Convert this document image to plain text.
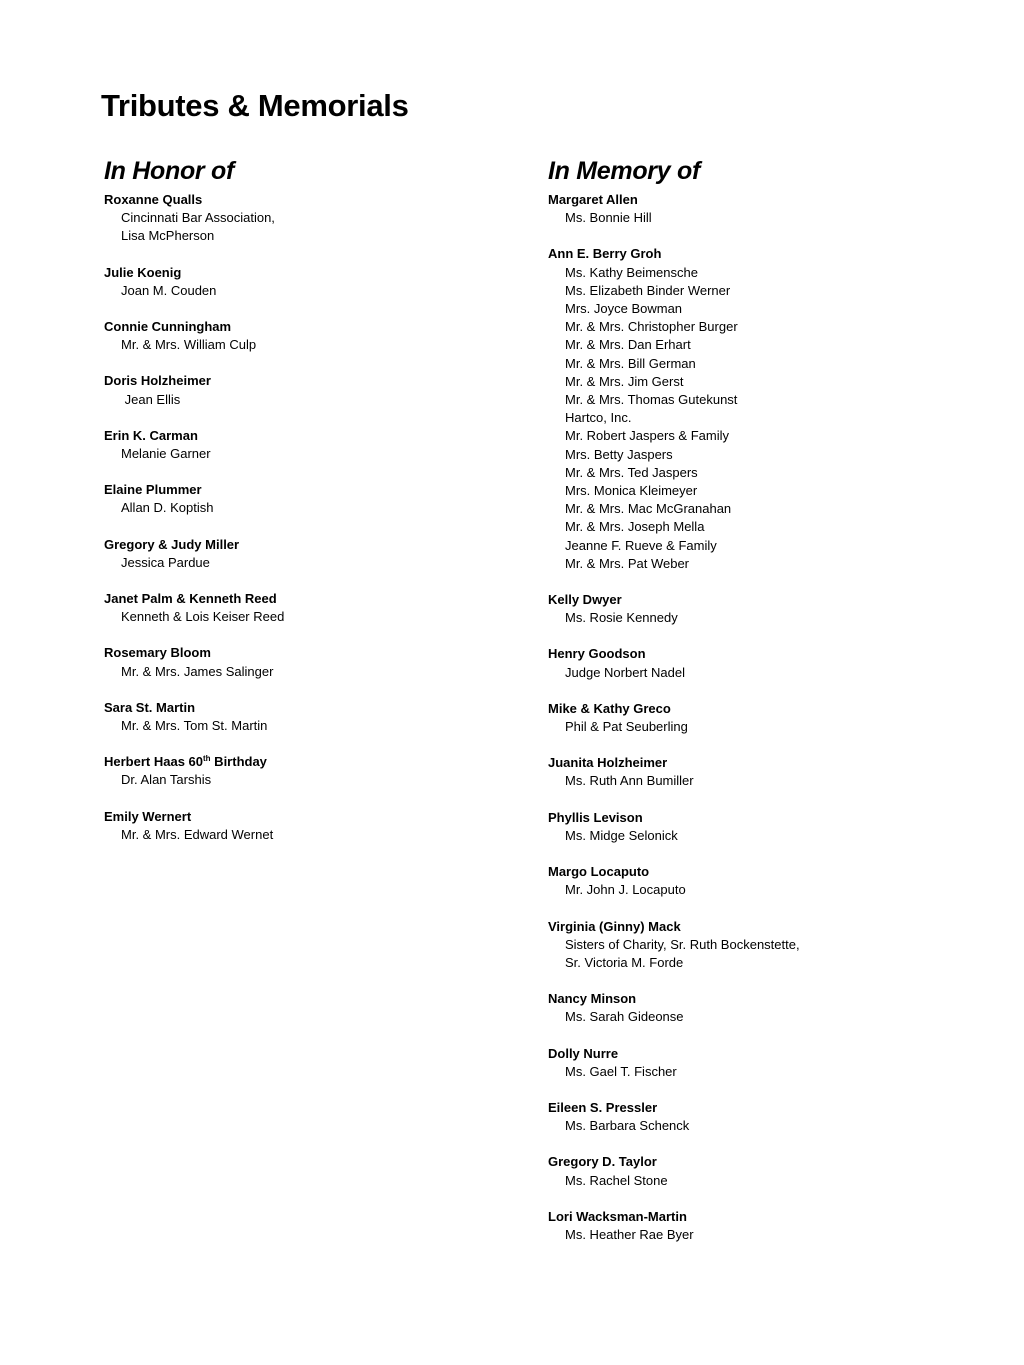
Tributes & Memorials
In Honor of
Roxanne Qualls
Cincinnati Bar Association,
Lisa McPherson
Julie Koenig
Joan M. Couden
Connie Cunningham
Mr. & Mrs. William Culp
Doris Holzheimer
Jean Ellis
Erin K. Carman
Melanie Garner
Elaine Plummer
Allan D. Koptish
Gregory & Judy Miller
Jessica Pardue
Janet Palm & Kenneth Reed
Kenneth & Lois Keiser Reed
Rosemary Bloom
Mr. & Mrs. James Salinger
Sara St. Martin
Mr. & Mrs. Tom St. Martin
Herbert Haas 60th Birthday
Dr. Alan Tarshis
Emily Wernert
Mr. & Mrs. Edward Wernet
In Memory of
Margaret Allen
Ms. Bonnie Hill
Ann E. Berry Groh
Ms. Kathy Beimensche
Ms. Elizabeth Binder Werner
Mrs. Joyce Bowman
Mr. & Mrs. Christopher Burger
Mr. & Mrs. Dan Erhart
Mr. & Mrs. Bill German
Mr. & Mrs. Jim Gerst
Mr. & Mrs. Thomas Gutekunst
Hartco, Inc.
Mr. Robert Jaspers & Family
Mrs. Betty Jaspers
Mr. & Mrs. Ted Jaspers
Mrs. Monica Kleimeyer
Mr. & Mrs. Mac McGranahan
Mr. & Mrs. Joseph Mella
Jeanne F. Rueve & Family
Mr. & Mrs. Pat Weber
Kelly Dwyer
Ms. Rosie Kennedy
Henry Goodson
Judge Norbert Nadel
Mike & Kathy Greco
Phil & Pat Seuberling
Juanita Holzheimer
Ms. Ruth Ann Bumiller
Phyllis Levison
Ms. Midge Selonick
Margo Locaputo
Mr. John J. Locaputo
Virginia (Ginny) Mack
Sisters of Charity, Sr. Ruth Bockenstette,
Sr. Victoria M. Forde
Nancy Minson
Ms. Sarah Gideonse
Dolly Nurre
Ms. Gael T. Fischer
Eileen S. Pressler
Ms. Barbara Schenck
Gregory D. Taylor
Ms. Rachel Stone
Lori Wacksman-Martin
Ms. Heather Rae Byer
